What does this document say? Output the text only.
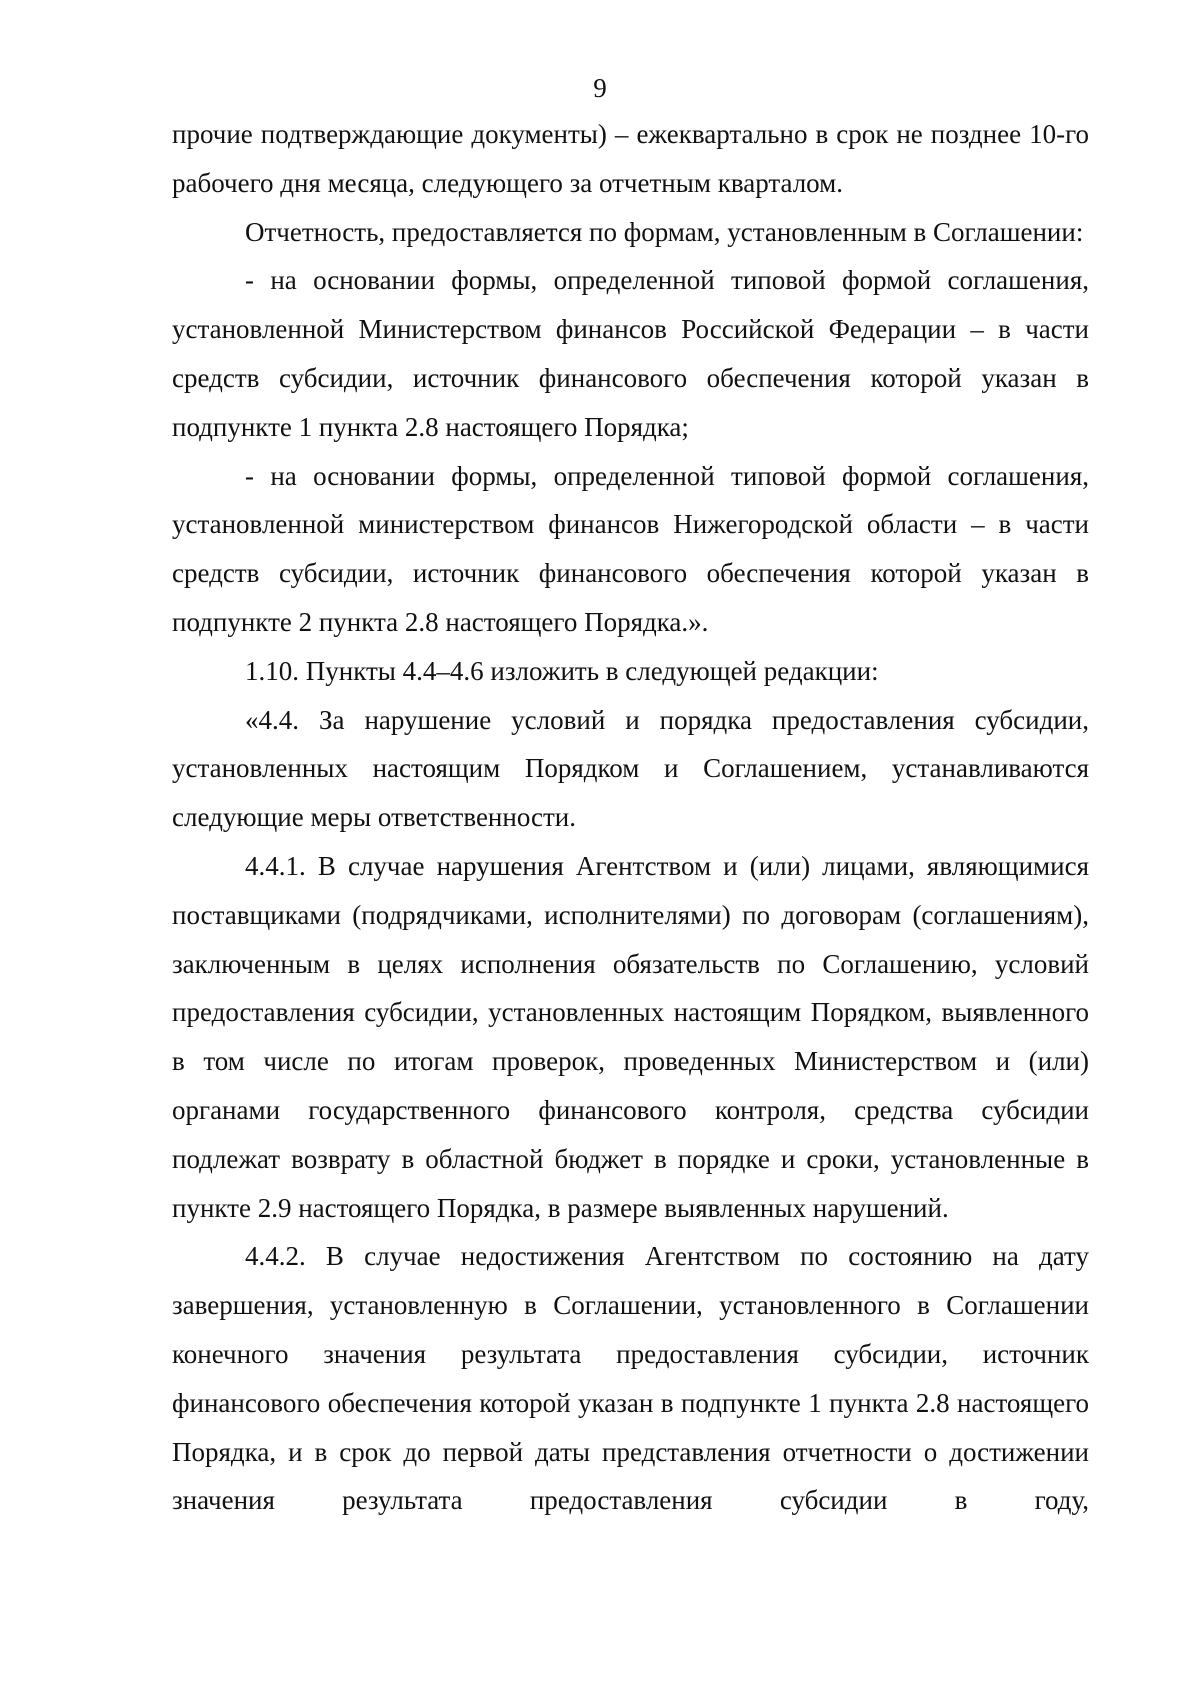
9

прочие подтверждающие документы) – ежеквартально в срок не позднее 10-го рабочего дня месяца, следующего за отчетным кварталом.

Отчетность, предоставляется по формам, установленным в Соглашении:

- на основании формы, определенной типовой формой соглашения, установленной Министерством финансов Российской Федерации – в части средств субсидии, источник финансового обеспечения которой указан в подпункте 1 пункта 2.8 настоящего Порядка;

- на основании формы, определенной типовой формой соглашения, установленной министерством финансов Нижегородской области – в части средств субсидии, источник финансового обеспечения которой указан в подпункте 2 пункта 2.8 настоящего Порядка.».

1.10. Пункты 4.4–4.6 изложить в следующей редакции:

«4.4. За нарушение условий и порядка предоставления субсидии, установленных настоящим Порядком и Соглашением, устанавливаются следующие меры ответственности.

4.4.1. В случае нарушения Агентством и (или) лицами, являющимися поставщиками (подрядчиками, исполнителями) по договорам (соглашениям), заключенным в целях исполнения обязательств по Соглашению, условий предоставления субсидии, установленных настоящим Порядком, выявленного в том числе по итогам проверок, проведенных Министерством и (или) органами государственного финансового контроля, средства субсидии подлежат возврату в областной бюджет в порядке и сроки, установленные в пункте 2.9 настоящего Порядка, в размере выявленных нарушений.

4.4.2. В случае недостижения Агентством по состоянию на дату завершения, установленную в Соглашении, установленного в Соглашении конечного значения результата предоставления субсидии, источник финансового обеспечения которой указан в подпункте 1 пункта 2.8 настоящего Порядка, и в срок до первой даты представления отчетности о достижении значения результата предоставления субсидии в году,
